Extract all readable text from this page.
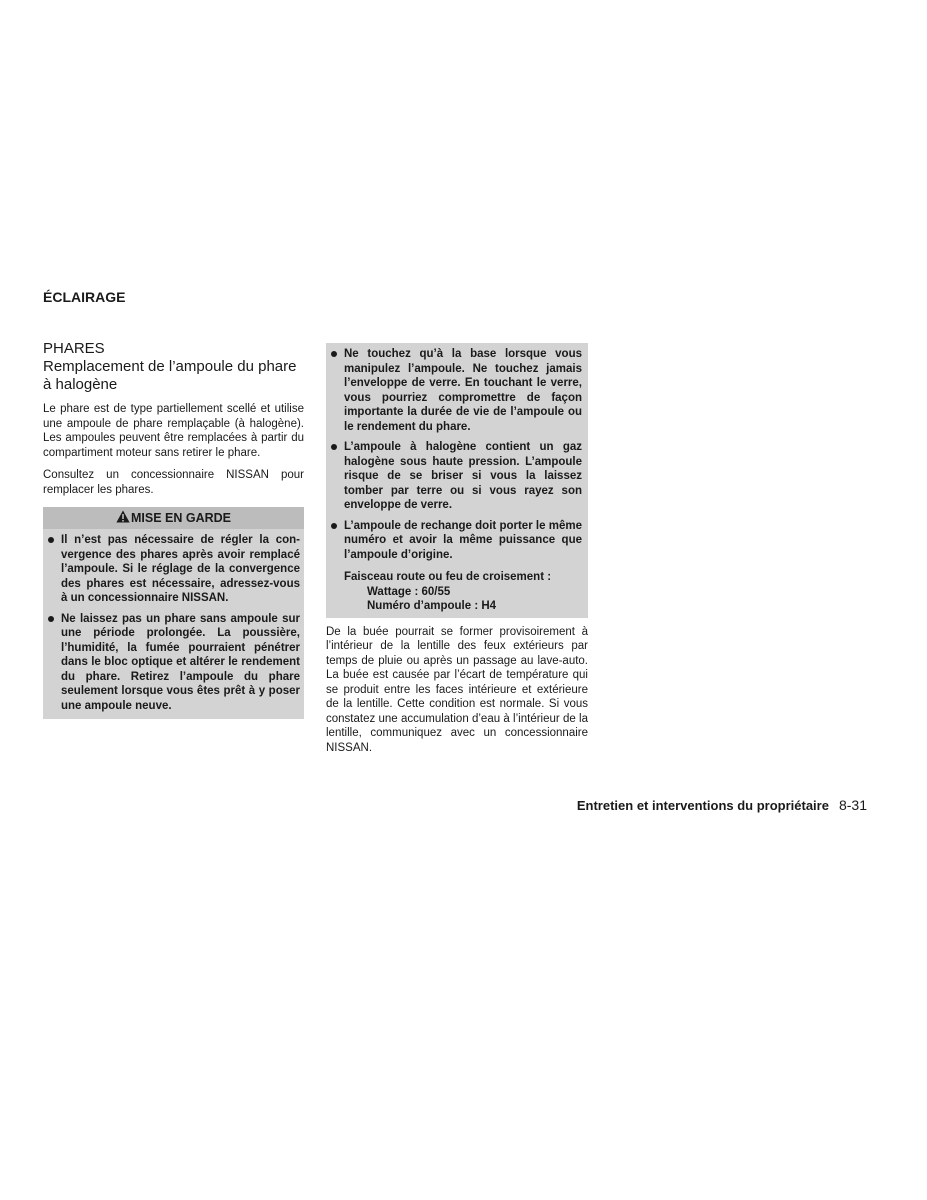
ÉCLAIRAGE
PHARES
Remplacement de l’ampoule du phare
à halogène

Le phare est de type partiellement scellé et utilise une ampoule de phare remplaçable (à halogène). Les ampoules peuvent être remplacées à partir du compartiment moteur sans retirer le phare.

Consultez un concessionnaire NISSAN pour remplacer les phares.

MISE EN GARDE
Il n’est pas nécessaire de régler la convergence des phares après avoir remplacé l’ampoule. Si le réglage de la convergence des phares est nécessaire, adressez-vous à un concessionnaire NISSAN.
Ne laissez pas un phare sans ampoule sur une période prolongée. La poussière, l’humidité, la fumée pourraient pénétrer dans le bloc optique et altérer le rendement du phare. Retirez l’ampoule du phare seulement lorsque vous êtes prêt à y poser une ampoule neuve.
Ne touchez qu’à la base lorsque vous manipulez l’ampoule. Ne touchez jamais l’enveloppe de verre. En touchant le verre, vous pourriez compromettre de façon importante la durée de vie de l’ampoule ou le rendement du phare.
L’ampoule à halogène contient un gaz halogène sous haute pression. L’ampoule risque de se briser si vous la laissez tomber par terre ou si vous rayez son enveloppe de verre.
L’ampoule de rechange doit porter le même numéro et avoir la même puissance que l’ampoule d’origine.
Faisceau route ou feu de croisement :
Wattage : 60/55
Numéro d’ampoule : H4

De la buée pourrait se former provisoirement à l’intérieur de la lentille des feux extérieurs par temps de pluie ou après un passage au lave-auto. La buée est causée par l’écart de température qui se produit entre les faces intérieure et extérieure de la lentille. Cette condition est normale. Si vous constatez une accumulation d’eau à l’intérieur de la lentille, communiquez avec un concessionnaire NISSAN.

Entretien et interventions du propriétaire 8-31
